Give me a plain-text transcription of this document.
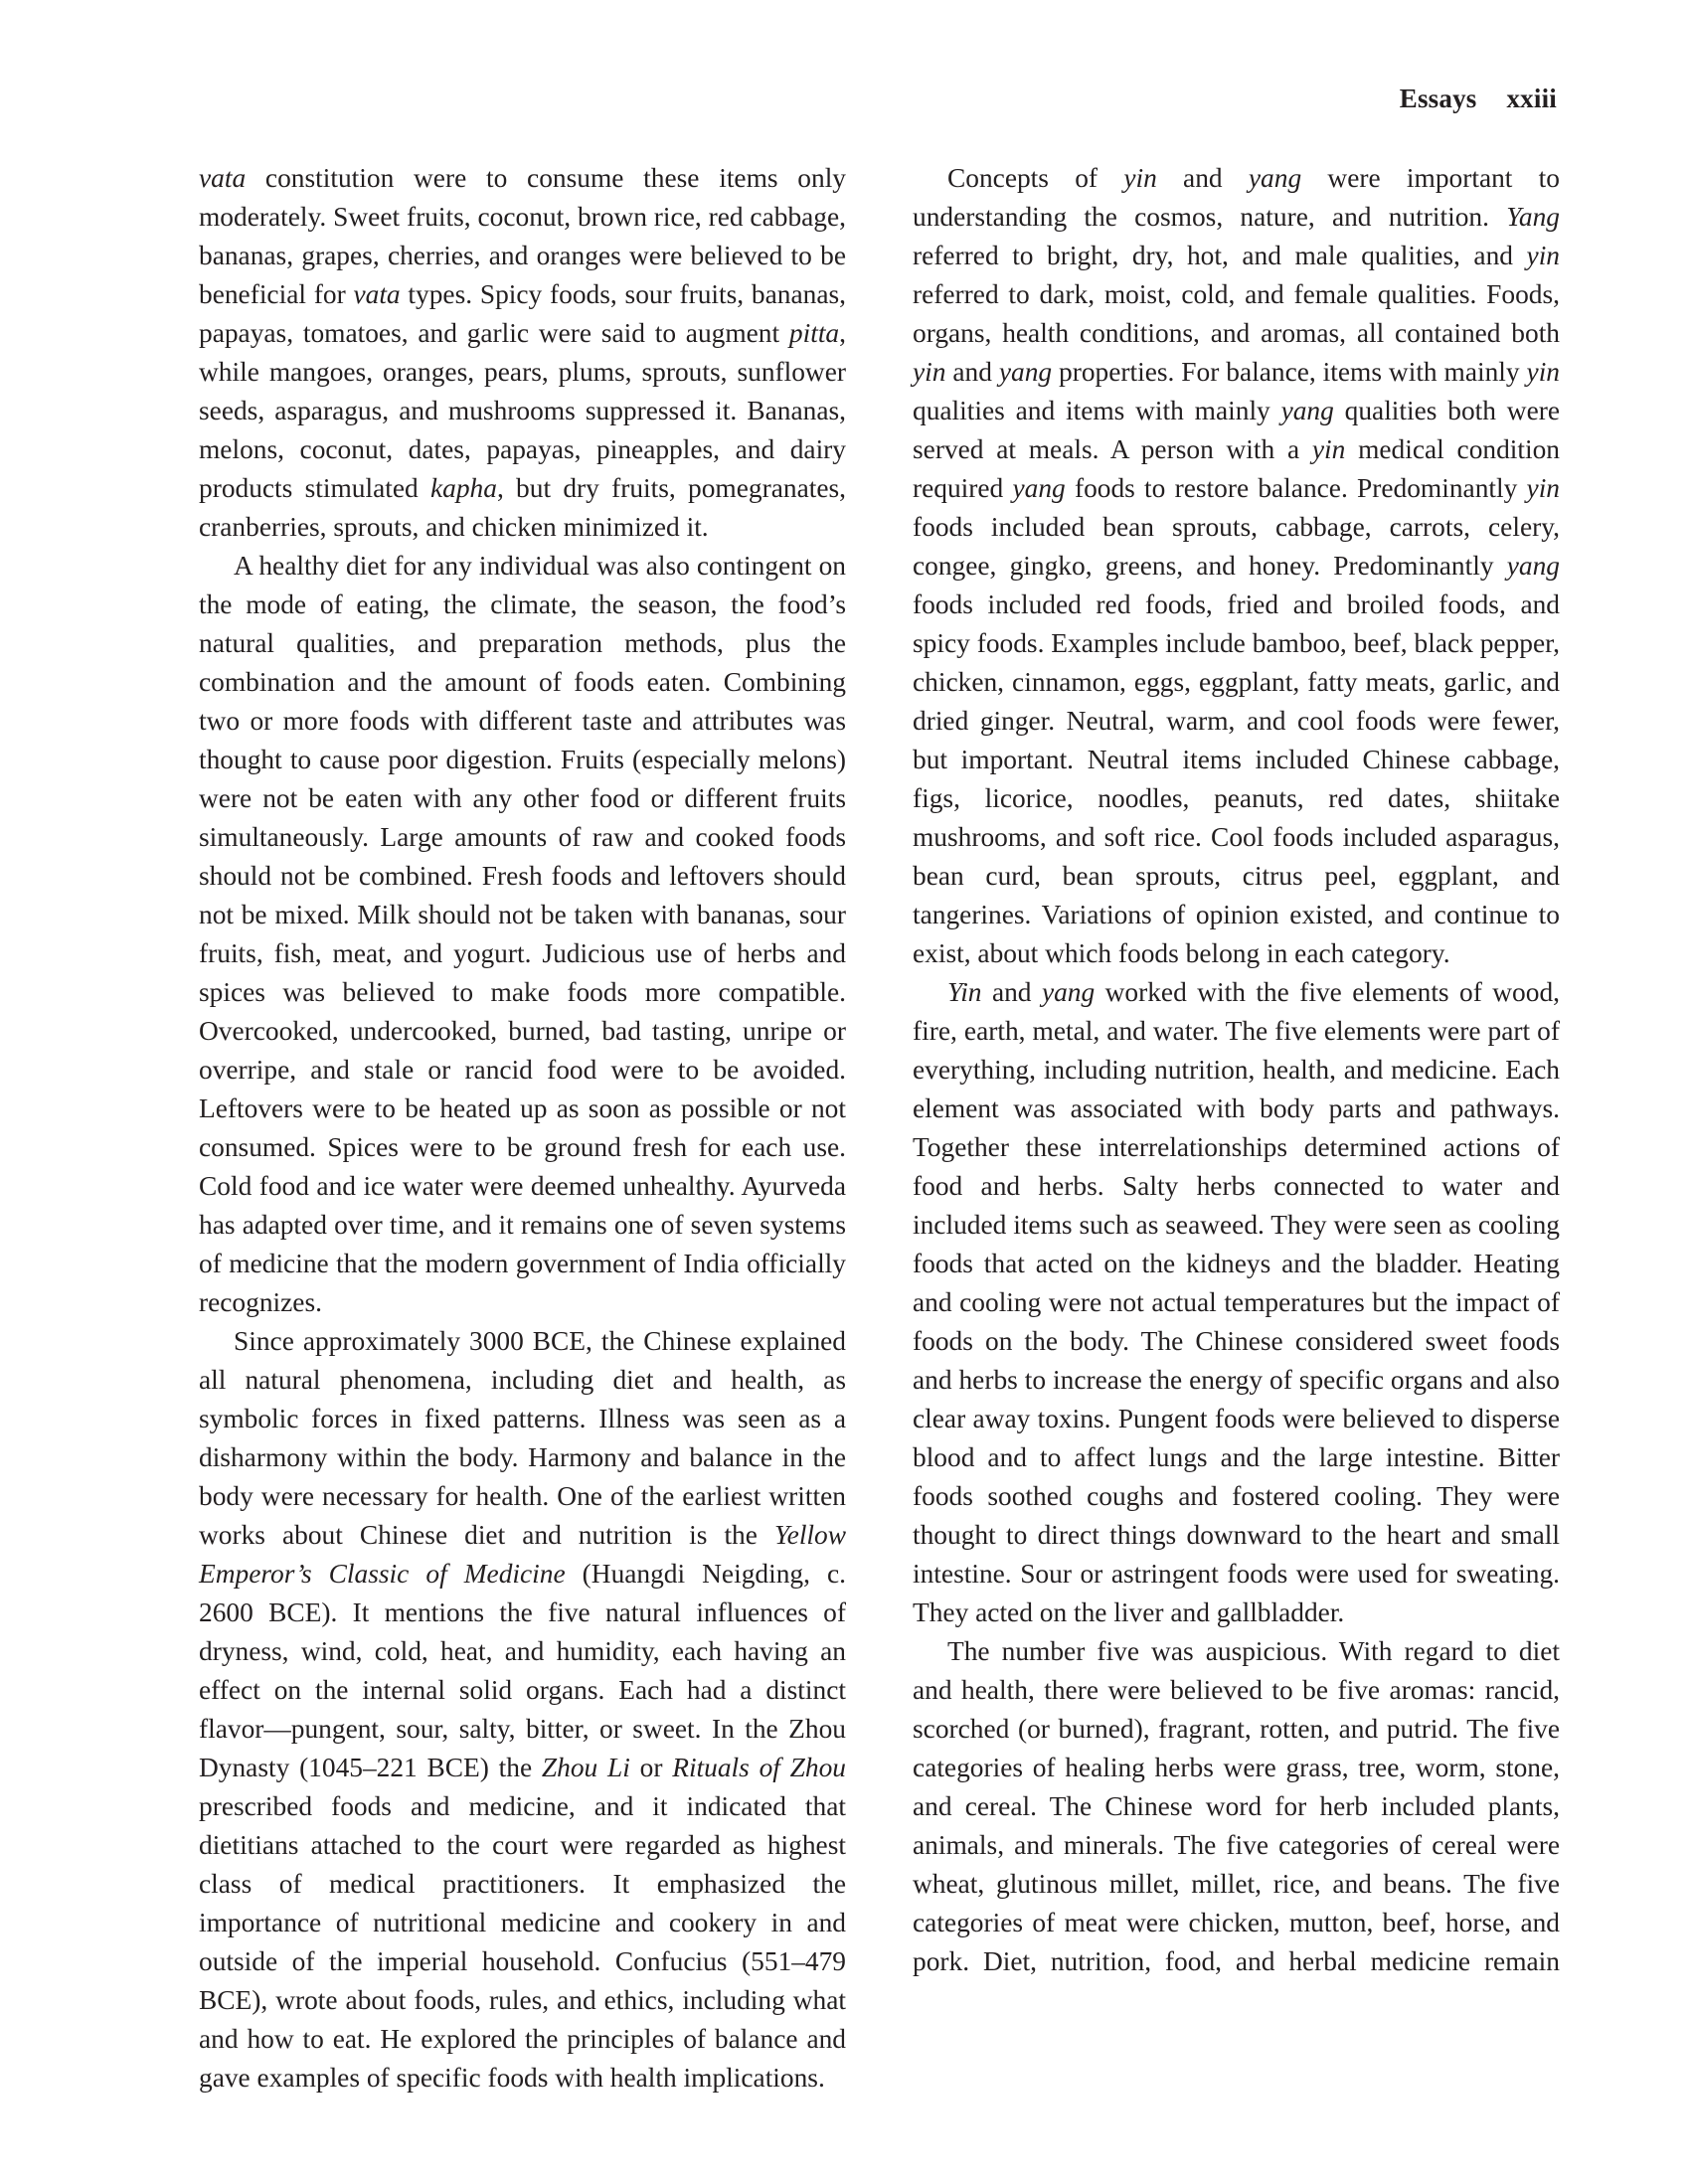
Essays xxiii

vata constitution were to consume these items only moderately. Sweet fruits, coconut, brown rice, red cabbage, bananas, grapes, cherries, and oranges were believed to be beneficial for vata types. Spicy foods, sour fruits, bananas, papayas, tomatoes, and garlic were said to augment pitta, while mangoes, oranges, pears, plums, sprouts, sunflower seeds, asparagus, and mushrooms suppressed it. Bananas, melons, coconut, dates, papayas, pineapples, and dairy products stimulated kapha, but dry fruits, pomegranates, cranberries, sprouts, and chicken minimized it.

A healthy diet for any individual was also contingent on the mode of eating, the climate, the season, the food’s natural qualities, and preparation methods, plus the combination and the amount of foods eaten. Combining two or more foods with different taste and attributes was thought to cause poor digestion. Fruits (especially melons) were not be eaten with any other food or different fruits simultaneously. Large amounts of raw and cooked foods should not be combined. Fresh foods and leftovers should not be mixed. Milk should not be taken with bananas, sour fruits, fish, meat, and yogurt. Judicious use of herbs and spices was believed to make foods more compatible. Overcooked, undercooked, burned, bad tasting, unripe or overripe, and stale or rancid food were to be avoided. Leftovers were to be heated up as soon as possible or not consumed. Spices were to be ground fresh for each use. Cold food and ice water were deemed unhealthy. Ayurveda has adapted over time, and it remains one of seven systems of medicine that the modern government of India officially recognizes.

Since approximately 3000 BCE, the Chinese explained all natural phenomena, including diet and health, as symbolic forces in fixed patterns. Illness was seen as a disharmony within the body. Harmony and balance in the body were necessary for health. One of the earliest written works about Chinese diet and nutrition is the Yellow Emperor’s Classic of Medicine (Huangdi Neigding, c. 2600 BCE). It mentions the five natural influences of dryness, wind, cold, heat, and humidity, each having an effect on the internal solid organs. Each had a distinct flavor—pungent, sour, salty, bitter, or sweet. In the Zhou Dynasty (1045–221 BCE) the Zhou Li or Rituals of Zhou prescribed foods and medicine, and it indicated that dietitians attached to the court were regarded as highest class of medical practitioners. It emphasized the importance of nutritional medicine and cookery in and outside of the imperial household. Confucius (551–479 BCE), wrote about foods, rules, and ethics, including what and how to eat. He explored the principles of balance and gave examples of specific foods with health implications.

Concepts of yin and yang were important to understanding the cosmos, nature, and nutrition. Yang referred to bright, dry, hot, and male qualities, and yin referred to dark, moist, cold, and female qualities. Foods, organs, health conditions, and aromas, all contained both yin and yang properties. For balance, items with mainly yin qualities and items with mainly yang qualities both were served at meals. A person with a yin medical condition required yang foods to restore balance. Predominantly yin foods included bean sprouts, cabbage, carrots, celery, congee, gingko, greens, and honey. Predominantly yang foods included red foods, fried and broiled foods, and spicy foods. Examples include bamboo, beef, black pepper, chicken, cinnamon, eggs, eggplant, fatty meats, garlic, and dried ginger. Neutral, warm, and cool foods were fewer, but important. Neutral items included Chinese cabbage, figs, licorice, noodles, peanuts, red dates, shiitake mushrooms, and soft rice. Cool foods included asparagus, bean curd, bean sprouts, citrus peel, eggplant, and tangerines. Variations of opinion existed, and continue to exist, about which foods belong in each category.

Yin and yang worked with the five elements of wood, fire, earth, metal, and water. The five elements were part of everything, including nutrition, health, and medicine. Each element was associated with body parts and pathways. Together these interrelationships determined actions of food and herbs. Salty herbs connected to water and included items such as seaweed. They were seen as cooling foods that acted on the kidneys and the bladder. Heating and cooling were not actual temperatures but the impact of foods on the body. The Chinese considered sweet foods and herbs to increase the energy of specific organs and also clear away toxins. Pungent foods were believed to disperse blood and to affect lungs and the large intestine. Bitter foods soothed coughs and fostered cooling. They were thought to direct things downward to the heart and small intestine. Sour or astringent foods were used for sweating. They acted on the liver and gallbladder.

The number five was auspicious. With regard to diet and health, there were believed to be five aromas: rancid, scorched (or burned), fragrant, rotten, and putrid. The five categories of healing herbs were grass, tree, worm, stone, and cereal. The Chinese word for herb included plants, animals, and minerals. The five categories of cereal were wheat, glutinous millet, millet, rice, and beans. The five categories of meat were chicken, mutton, beef, horse, and pork. Diet, nutrition, food, and herbal medicine remain
